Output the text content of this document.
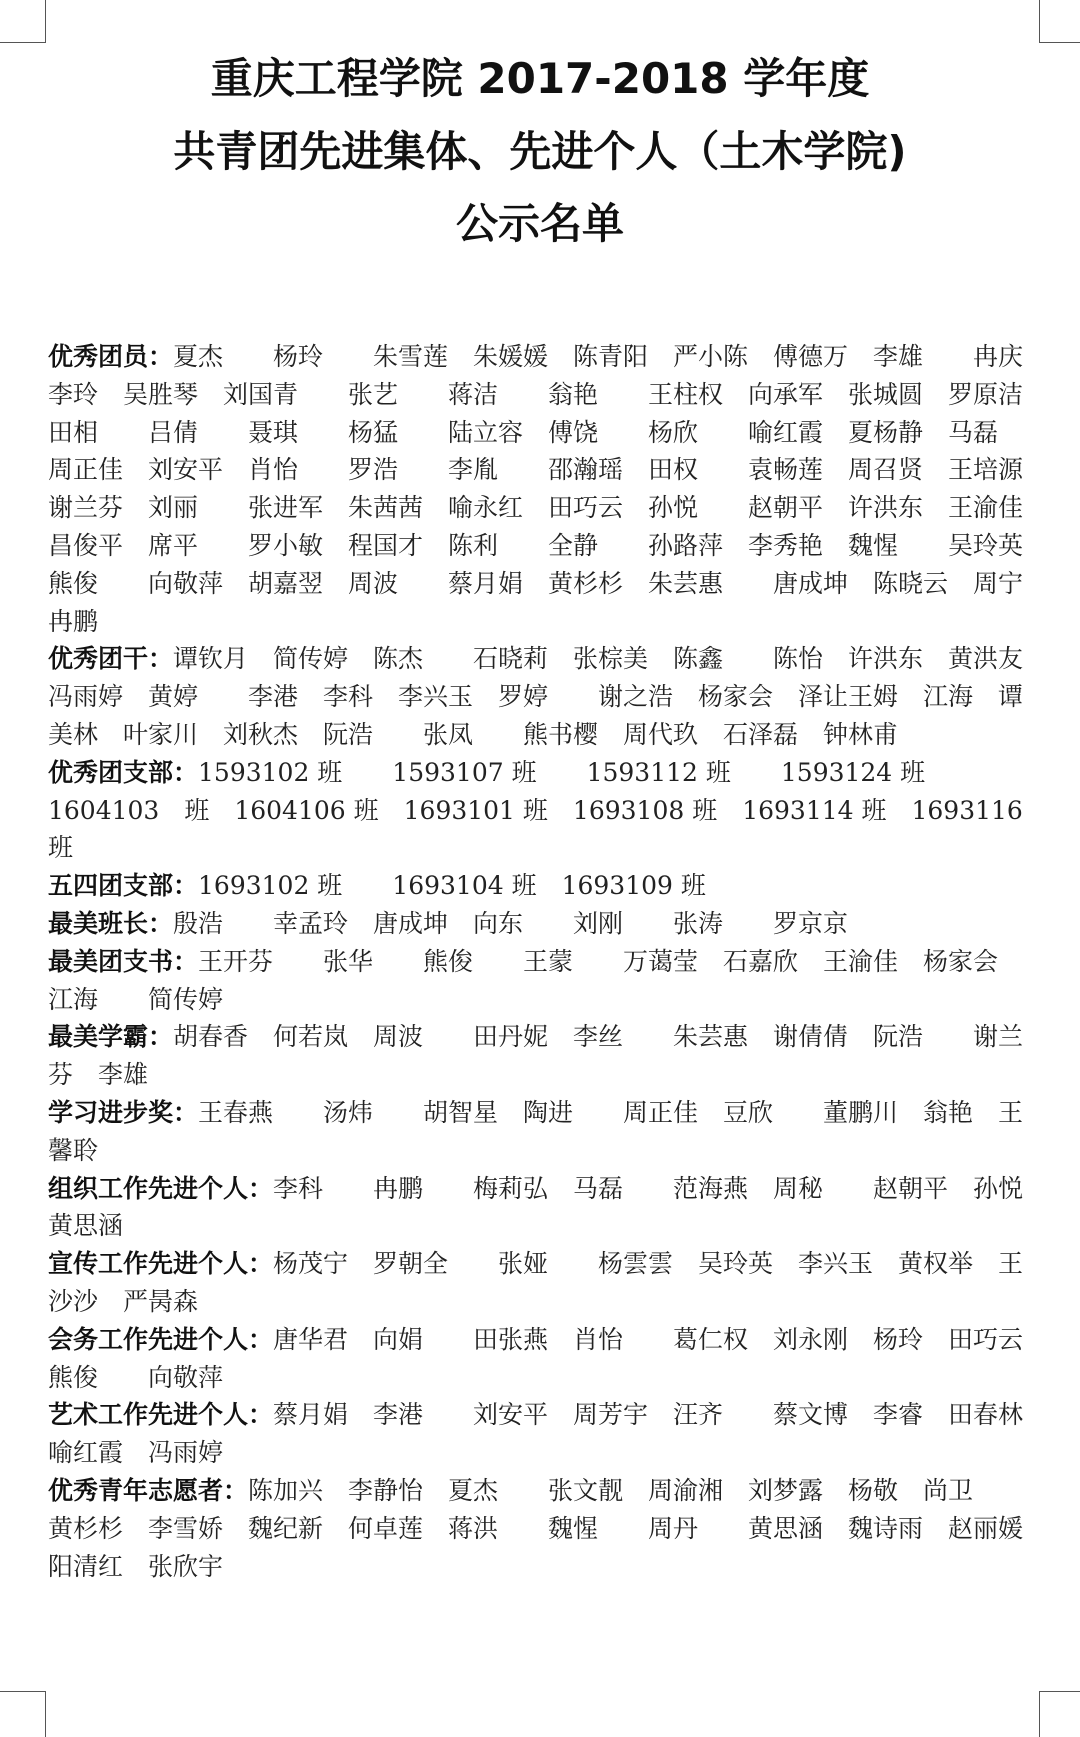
重庆工程学院 2017-2018 学年度
共青团先进集体、先进个人（土木学院)
公示名单

优秀团员：夏杰　　杨玲　　朱雪莲　朱媛媛　陈青阳　严小陈　傅德万　李雄　　冉庆　李玲　吴胜琴　刘国青　　张艺　　蒋洁　　翁艳　　王柱权　向承军　张城圆　罗原洁　田相　　吕倩　　聂琪　　杨猛　　陆立容　傅饶　　杨欣　　喻红霞　夏杨静　马磊　周正佳　刘安平　肖怡　　罗浩　　李胤　　邵瀚瑶　田权　　袁畅莲　周召贤　王培源　谢兰芬　刘丽　　张进军　朱茜茜　喻永红　田巧云　孙悦　　赵朝平　许洪东　王渝佳　昌俊平　席平　　罗小敏　程国才　陈利　　全静　　孙路萍　李秀艳　魏惺　　吴玲英　熊俊　　向敬萍　胡嘉翌　周波　　蔡月娟　黄杉杉　朱芸惠　　唐成坤　陈晓云　周宁　　冉鹏

优秀团干：谭钦月　简传婷　陈杰　　石晓莉　张棕美　陈鑫　　陈怡　许洪东　黄洪友　冯雨婷　黄婷　　李港　李科　李兴玉　罗婷　　谢之浩　杨家会　泽让王姆　江海　谭美林　叶家川　刘秋杰　阮浩　　张凤　　熊书樱　周代玖　石泽磊　钟林甫

优秀团支部：1593102 班　　1593107 班　　1593112 班　　1593124 班　1604103　班　1604106 班　1693101 班　1693108 班　1693114 班　1693116 班

五四团支部：1693102 班　　1693104 班　1693109 班

最美班长：殷浩　　幸孟玲　唐成坤　向东　　刘刚　　张涛　　罗京京

最美团支书：王开芬　　张华　　熊俊　　王蒙　　万蔼莹　石嘉欣　王渝佳　杨家会　江海　　简传婷

最美学霸：胡春香　何若岚　周波　　田丹妮　李丝　　朱芸惠　谢倩倩　阮浩　　谢兰芬　李雄

学习进步奖：王春燕　　汤炜　　胡智星　陶进　　周正佳　豆欣　　董鹏川　翁艳　王馨聆

组织工作先进个人：李科　　冉鹏　　梅莉弘　马磊　　范海燕　周秘　　赵朝平　孙悦　　黄思涵

宣传工作先进个人：杨茂宁　罗朝全　　张娅　　杨雲雲　吴玲英　李兴玉　黄权举　王沙沙　严昺森

会务工作先进个人：唐华君　向娟　　田张燕　肖怡　　葛仁权　刘永刚　杨玲　田巧云　熊俊　　向敬萍

艺术工作先进个人：蔡月娟　李港　　刘安平　周芳宇　汪齐　　蔡文博　李睿　田春林　喻红霞　冯雨婷

优秀青年志愿者：陈加兴　李静怡　夏杰　　张文靓　周渝湘　刘梦露　杨敬　尚卫　　黄杉杉　李雪娇　魏纪新　何卓莲　蒋洪　　魏惺　　周丹　　黄思涵　魏诗雨　赵丽媛　阳清红　张欣宇
